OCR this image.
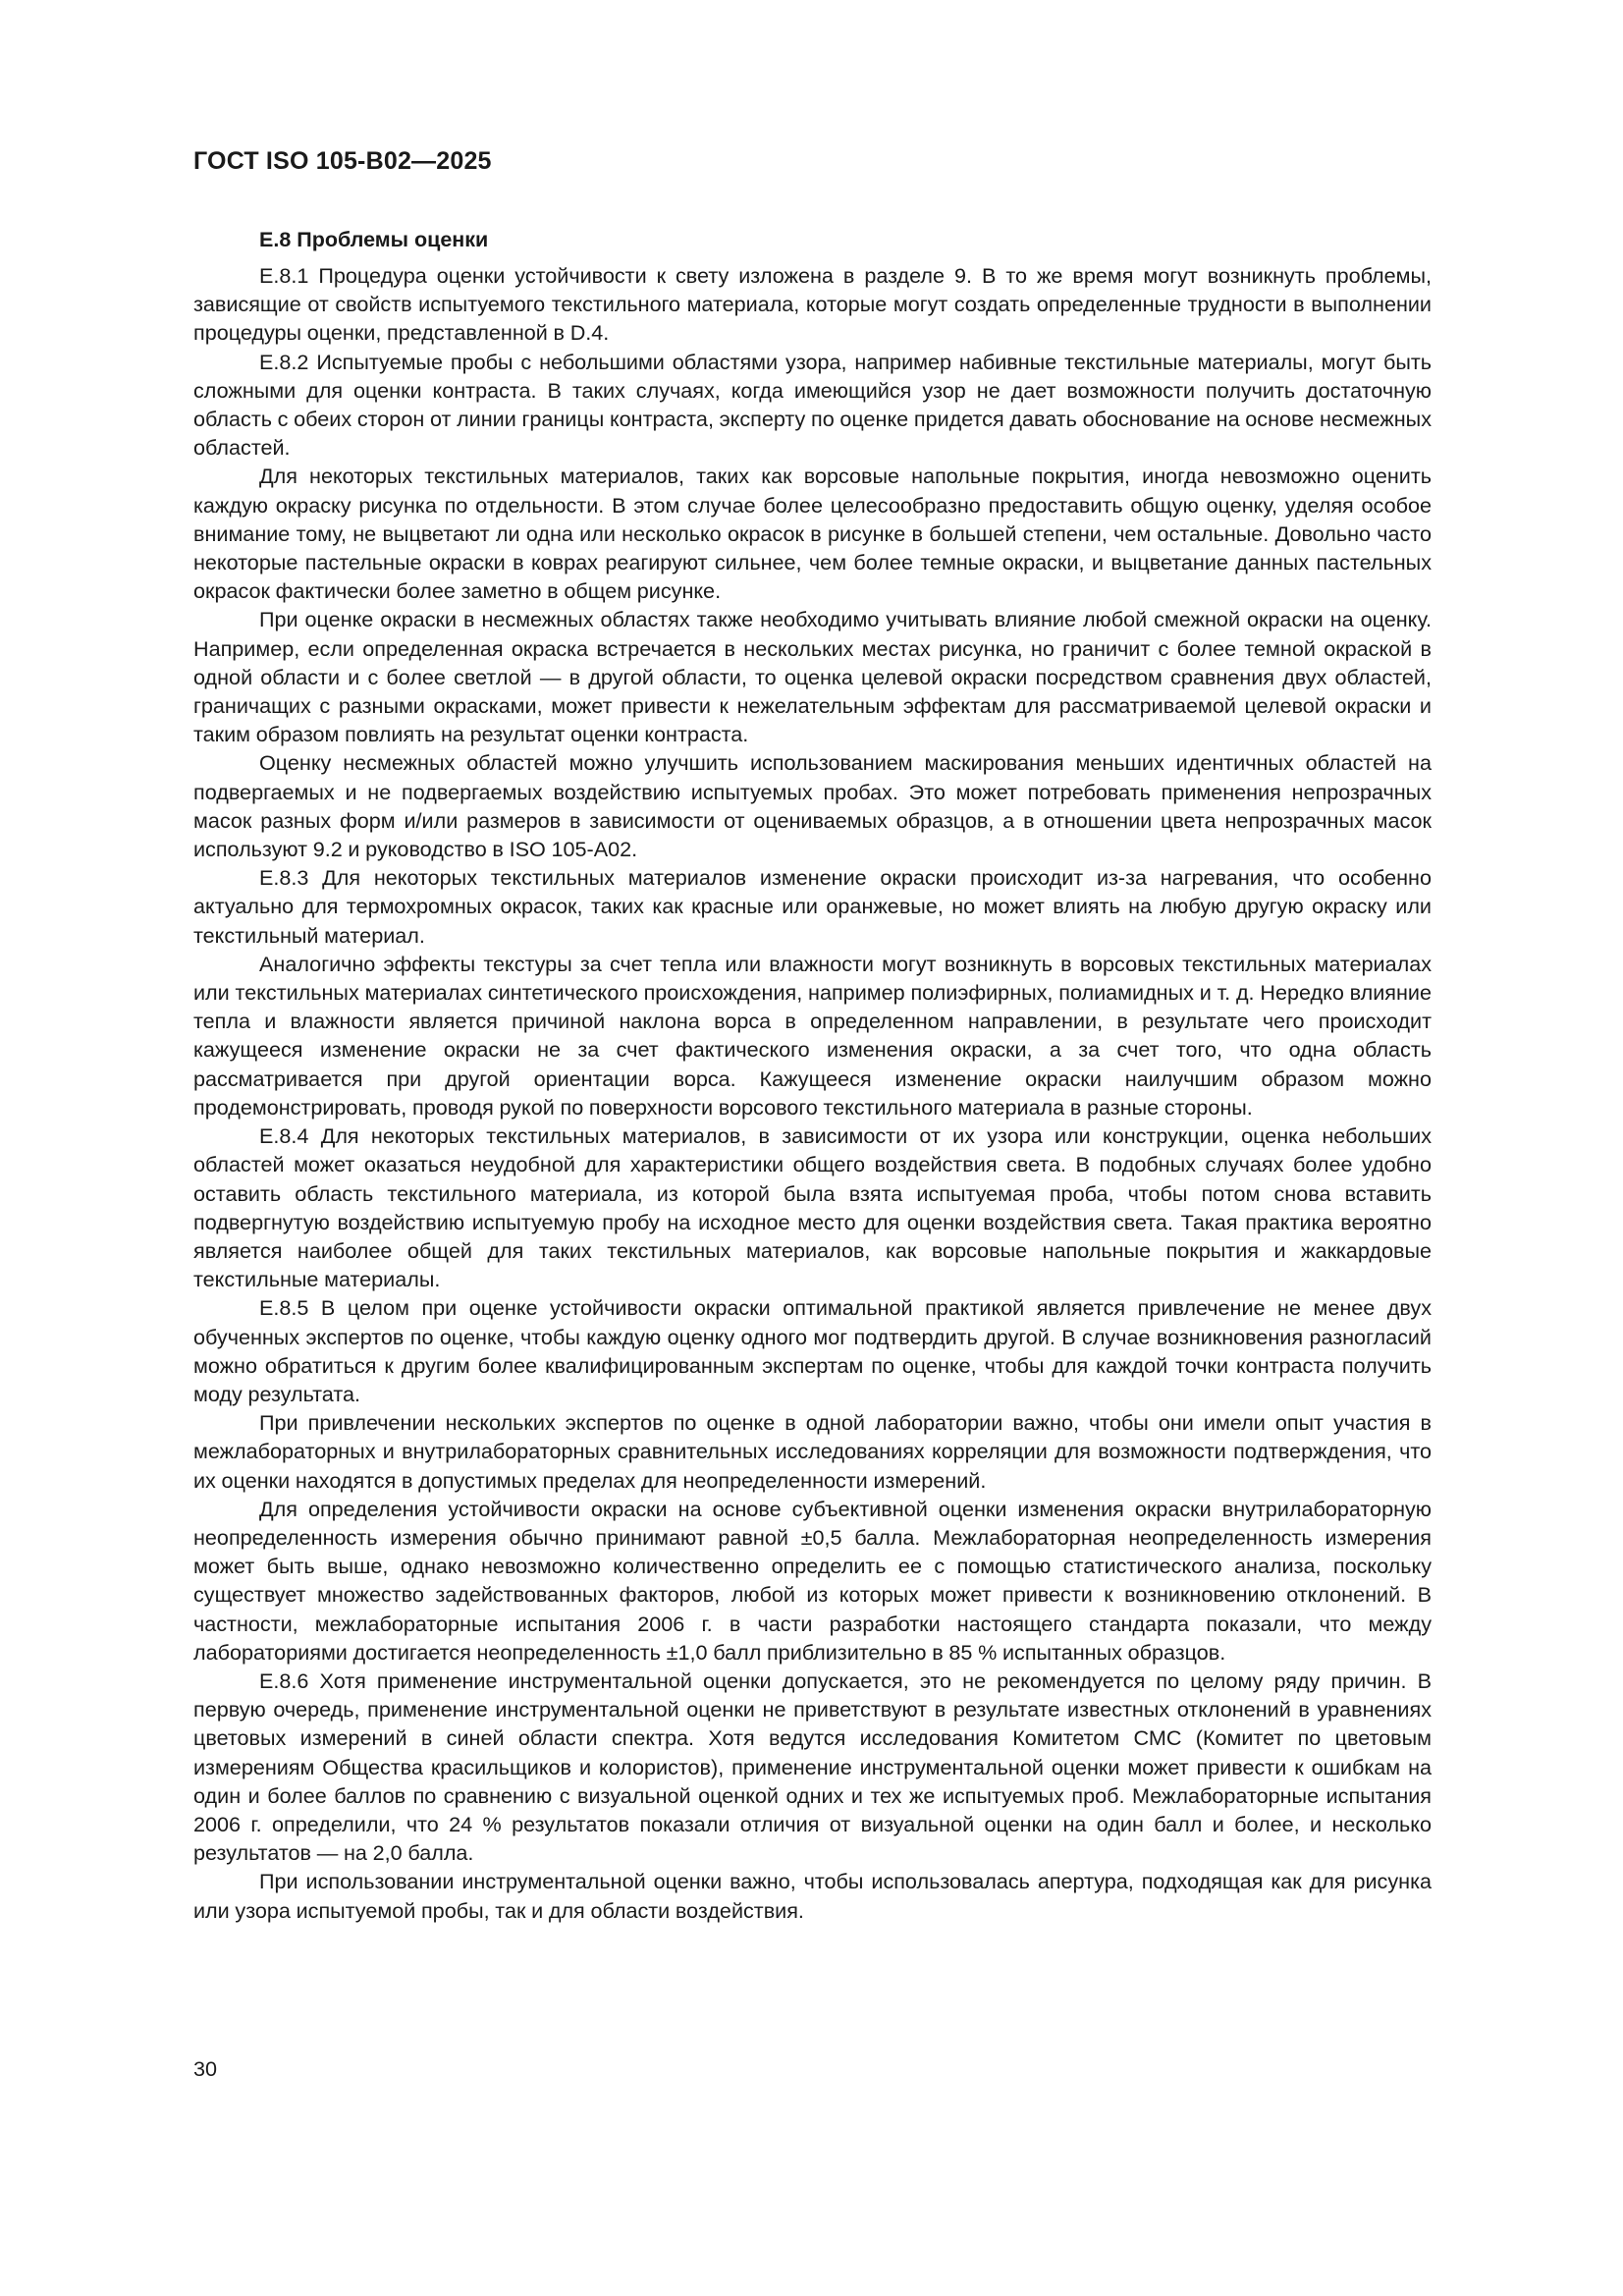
ГОСТ ISO 105-B02—2025
Е.8 Проблемы оценки

Е.8.1 Процедура оценки устойчивости к свету изложена в разделе 9. В то же время могут возникнуть проблемы, зависящие от свойств испытуемого текстильного материала, которые могут создать определенные трудности в выполнении процедуры оценки, представленной в D.4.

Е.8.2 Испытуемые пробы с небольшими областями узора, например набивные текстильные материалы, могут быть сложными для оценки контраста. В таких случаях, когда имеющийся узор не дает возможности получить достаточную область с обеих сторон от линии границы контраста, эксперту по оценке придется давать обоснование на основе несмежных областей.

Для некоторых текстильных материалов, таких как ворсовые напольные покрытия, иногда невозможно оценить каждую окраску рисунка по отдельности. В этом случае более целесообразно предоставить общую оценку, уделяя особое внимание тому, не выцветают ли одна или несколько окрасок в рисунке в большей степени, чем остальные. Довольно часто некоторые пастельные окраски в коврах реагируют сильнее, чем более темные окраски, и выцветание данных пастельных окрасок фактически более заметно в общем рисунке.

При оценке окраски в несмежных областях также необходимо учитывать влияние любой смежной окраски на оценку. Например, если определенная окраска встречается в нескольких местах рисунка, но граничит с более темной окраской в одной области и с более светлой — в другой области, то оценка целевой окраски посредством сравнения двух областей, граничащих с разными окрасками, может привести к нежелательным эффектам для рассматриваемой целевой окраски и таким образом повлиять на результат оценки контраста.

Оценку несмежных областей можно улучшить использованием маскирования меньших идентичных областей на подвергаемых и не подвергаемых воздействию испытуемых пробах. Это может потребовать применения непрозрачных масок разных форм и/или размеров в зависимости от оцениваемых образцов, а в отношении цвета непрозрачных масок используют 9.2 и руководство в ISO 105-A02.

Е.8.3 Для некоторых текстильных материалов изменение окраски происходит из-за нагревания, что особенно актуально для термохромных окрасок, таких как красные или оранжевые, но может влиять на любую другую окраску или текстильный материал.

Аналогично эффекты текстуры за счет тепла или влажности могут возникнуть в ворсовых текстильных материалах или текстильных материалах синтетического происхождения, например полиэфирных, полиамидных и т. д. Нередко влияние тепла и влажности является причиной наклона ворса в определенном направлении, в результате чего происходит кажущееся изменение окраски не за счет фактического изменения окраски, а за счет того, что одна область рассматривается при другой ориентации ворса. Кажущееся изменение окраски наилучшим образом можно продемонстрировать, проводя рукой по поверхности ворсового текстильного материала в разные стороны.

Е.8.4 Для некоторых текстильных материалов, в зависимости от их узора или конструкции, оценка небольших областей может оказаться неудобной для характеристики общего воздействия света. В подобных случаях более удобно оставить область текстильного материала, из которой была взята испытуемая проба, чтобы потом снова вставить подвергнутую воздействию испытуемую пробу на исходное место для оценки воздействия света. Такая практика вероятно является наиболее общей для таких текстильных материалов, как ворсовые напольные покрытия и жаккардовые текстильные материалы.

Е.8.5 В целом при оценке устойчивости окраски оптимальной практикой является привлечение не менее двух обученных экспертов по оценке, чтобы каждую оценку одного мог подтвердить другой. В случае возникновения разногласий можно обратиться к другим более квалифицированным экспертам по оценке, чтобы для каждой точки контраста получить моду результата.

При привлечении нескольких экспертов по оценке в одной лаборатории важно, чтобы они имели опыт участия в межлабораторных и внутрилабораторных сравнительных исследованиях корреляции для возможности подтверждения, что их оценки находятся в допустимых пределах для неопределенности измерений.

Для определения устойчивости окраски на основе субъективной оценки изменения окраски внутрилабораторную неопределенность измерения обычно принимают равной ±0,5 балла. Межлабораторная неопределенность измерения может быть выше, однако невозможно количественно определить ее с помощью статистического анализа, поскольку существует множество задействованных факторов, любой из которых может привести к возникновению отклонений. В частности, межлабораторные испытания 2006 г. в части разработки настоящего стандарта показали, что между лабораториями достигается неопределенность ±1,0 балл приблизительно в 85 % испытанных образцов.

Е.8.6 Хотя применение инструментальной оценки допускается, это не рекомендуется по целому ряду причин. В первую очередь, применение инструментальной оценки не приветствуют в результате известных отклонений в уравнениях цветовых измерений в синей области спектра. Хотя ведутся исследования Комитетом СМС (Комитет по цветовым измерениям Общества красильщиков и колористов), применение инструментальной оценки может привести к ошибкам на один и более баллов по сравнению с визуальной оценкой одних и тех же испытуемых проб. Межлабораторные испытания 2006 г. определили, что 24 % результатов показали отличия от визуальной оценки на один балл и более, и несколько результатов — на 2,0 балла.

При использовании инструментальной оценки важно, чтобы использовалась апертура, подходящая как для рисунка или узора испытуемой пробы, так и для области воздействия.

30
